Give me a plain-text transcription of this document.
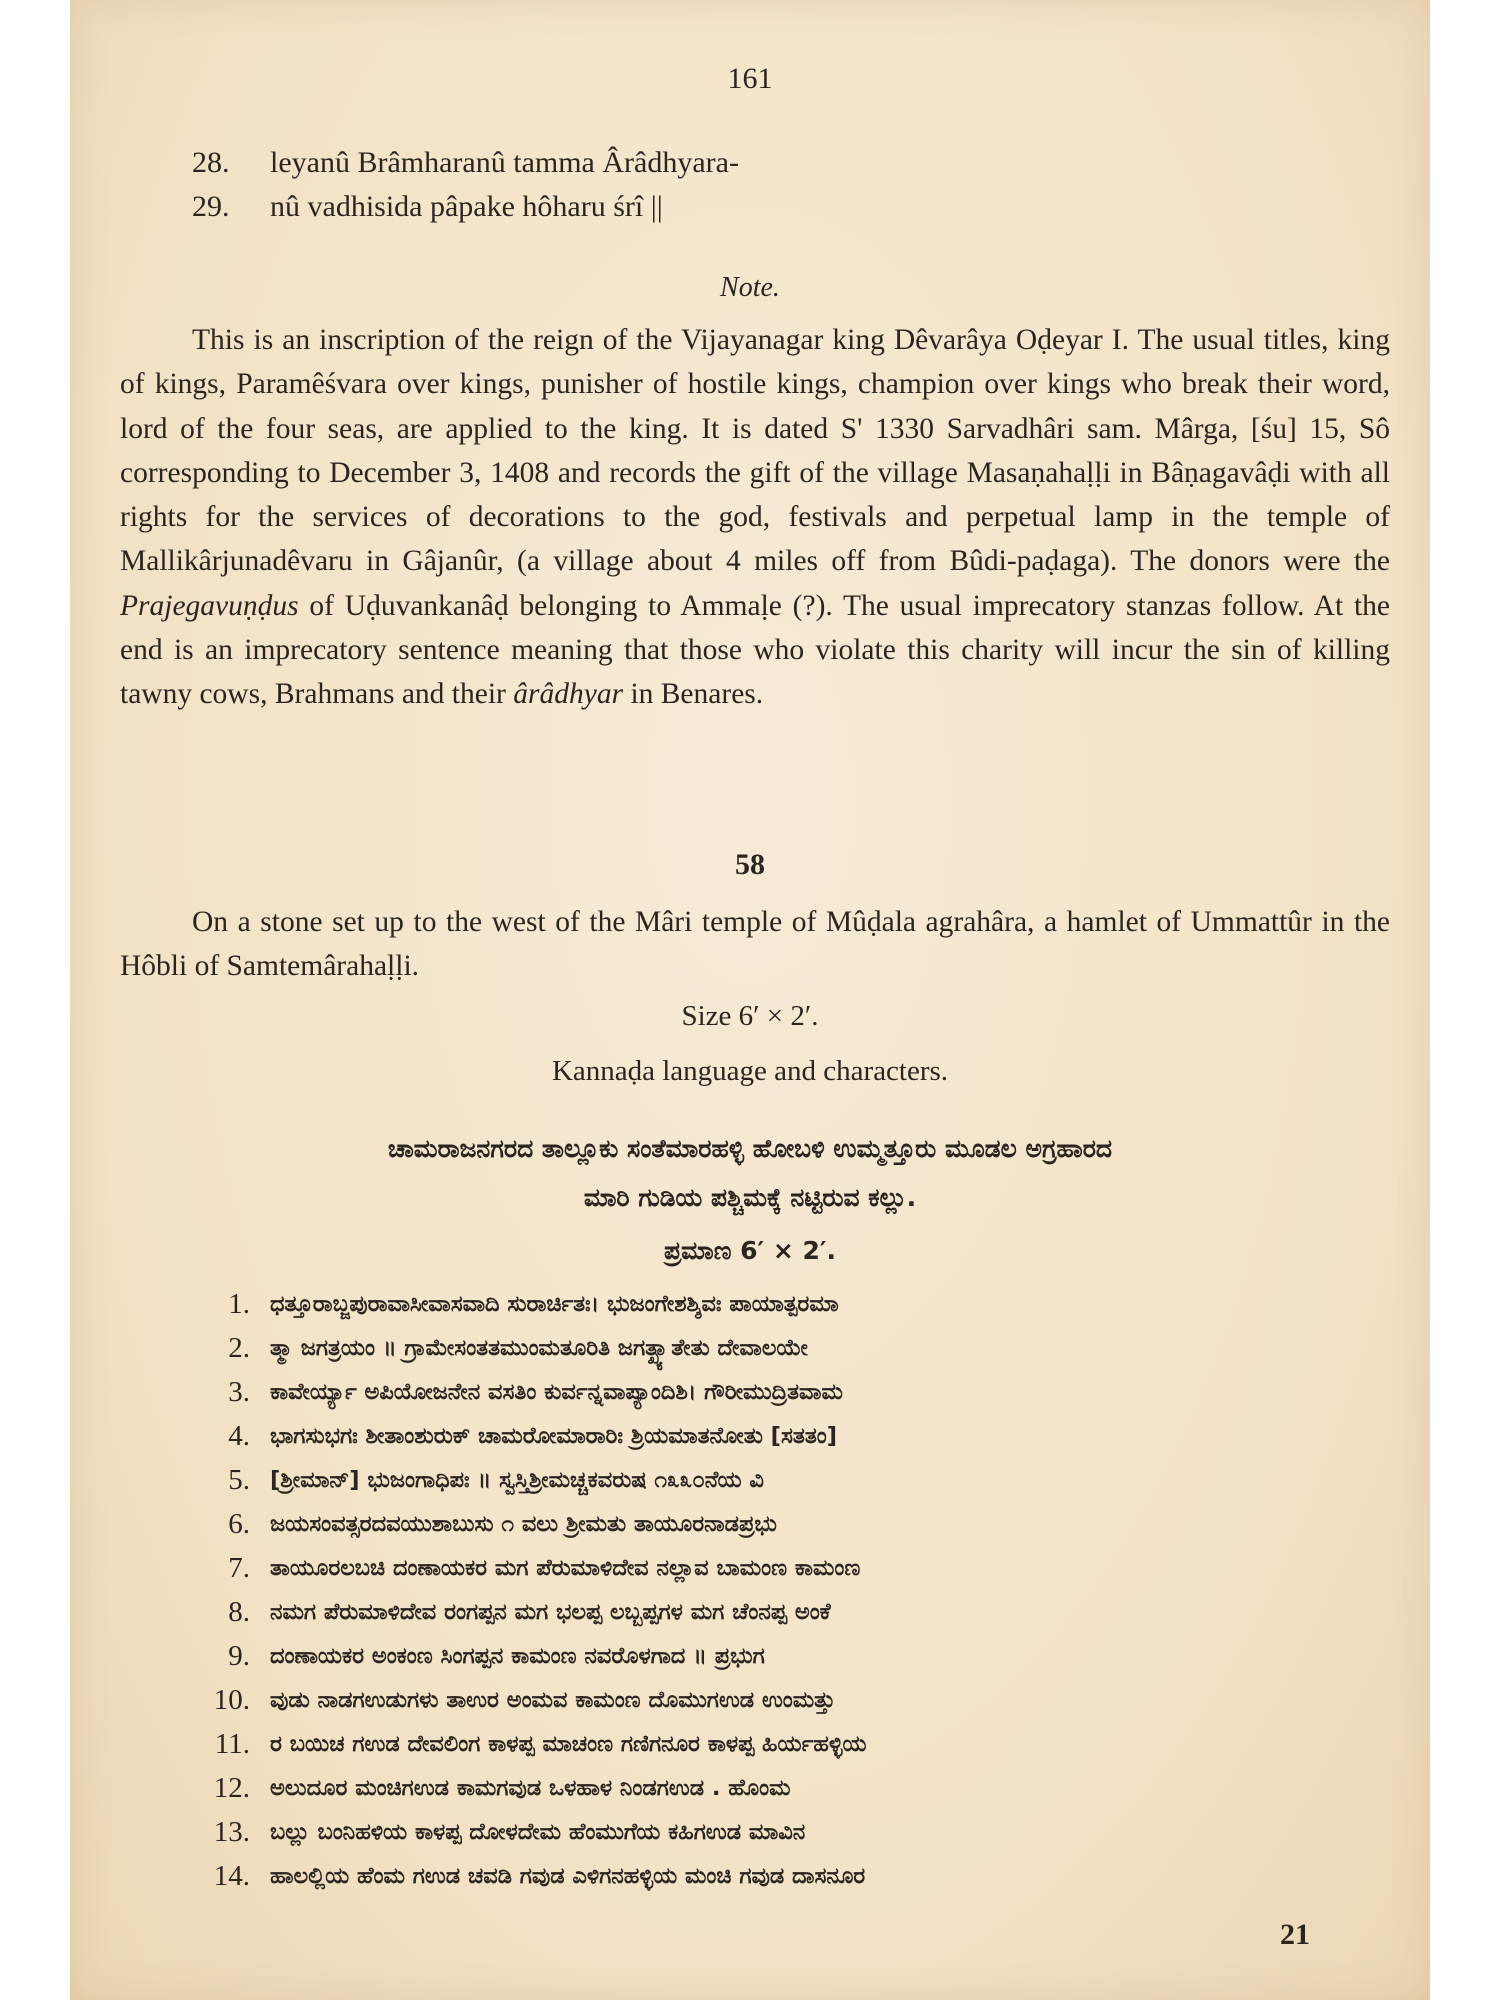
161
28. leyanû Brâmharanû tamma Ârâdhyara-
29. nû vadhisida pâpake hôharu śrî ||
Note.

This is an inscription of the reign of the Vijayanagar king Dêvarâya Oḍeyar I. The usual titles, king of kings, Paramêśvara over kings, punisher of hostile kings, champion over kings who break their word, lord of the four seas, are applied to the king. It is dated S' 1330 Sarvadhâri sam. Mârga, [śu] 15, Sô corresponding to December 3, 1408 and records the gift of the village Masaṇahaḷḷi in Bâṇagavâḍi with all rights for the services of decorations to the god, festivals and perpetual lamp in the temple of Mallikârjunadêvaru in Gâjanûr, (a village about 4 miles off from Bûdi-paḍaga). The donors were the Prajegavuṇḍus of Uḍuvankanâḍ belonging to Ammaḷe (?). The usual imprecatory stanzas follow. At the end is an imprecatory sentence meaning that those who violate this charity will incur the sin of killing tawny cows, Brahmans and their ârâdhyar in Benares.

58

On a stone set up to the west of the Mâri temple of Mûḍala agrahâra, a hamlet of Ummattûr in the Hôbli of Samtemârahaḷḷi.

Size 6′ × 2′.
Kannaḍa language and characters.
ಚಾಮರಾಜನಗರದ ತಾಲ್ಲೂಕು ಸಂತೆಮಾರಹಳ್ಳಿ ಹೋಬಳಿ ಉಮ್ಮತ್ತೂರು ಮೂಡಲ ಅಗ್ರಹಾರದ
ಮಾರಿ ಗುಡಿಯ ಪಶ್ಚಿಮಕ್ಕೆ ನಟ್ಟಿರುವ ಕಲ್ಲು.
ಪ್ರಮಾಣ 6′ × 2′.
1. ಧತ್ತೂರಾಬ್ಜಪುರಾವಾಸೀವಾಸವಾದಿ ಸುರಾರ್ಚಿತಃ। ಭುಜಂಗೇಶಶ್ಶಿವಃ ಪಾಯಾತ್ಪರಮಾ
2. ತ್ಮಾ ಜಗತ್ರಯಂ ॥ ಗ್ರಾಮೇಸಂತತಮುಂಮತೂರಿತಿ ಜಗತ್ಖ್ಯಾತೇತು ದೇವಾಲಯೇ
3. ಕಾವೇರ್ಯ್ಯಾ ಅಪಿಯೋಜನೇನ ವಸತಿಂ ಕುರ್ವನ್ನವಾಪ್ಯಾಂದಿಶಿ। ಗೌರೀಮುದ್ರಿತವಾಮ
4. ಭಾಗಸುಭಗಃ ಶೀತಾಂಶುರುಕ್ ಚಾಮರೋಮಾರಾರಿಃ ಶ್ರಿಯಮಾತನೋತು [ಸತತಂ]
5. [ಶ್ರೀಮಾನ್] ಭುಜಂಗಾಧಿಪಃ ॥ ಸ್ವಸ್ತಿಶ್ರೀಮಚ್ಚಕವರುಷ ೧೩೩೦ನೆಯ ವಿ
6. ಜಯಸಂವತ್ಸರದವಯುಶಾಬುಸು ೧ ವಲು ಶ್ರೀಮತು ತಾಯೂರನಾಡಪ್ರಭು
7. ತಾಯೂರಲಬಚಿ ದಂಣಾಯಕರ ಮಗ ಪೆರುಮಾಳಿದೇವ ನಲ್ಲಾವ ಬಾಮಂಣ ಕಾಮಂಣ
8. ನಮಗ ಪೆರುಮಾಳಿದೇವ ರಂಗಪ್ಪನ ಮಗ ಭಲಪ್ಪ ಲಬ್ಬಪ್ಪಗಳ ಮಗ ಚೆಂನಪ್ಪ ಅಂಕೆ
9. ದಂಣಾಯಕರ ಅಂಕಂಣ ಸಿಂಗಪ್ಪನ ಕಾಮಂಣ ನವರೊಳಗಾದ ॥ ಪ್ರಭುಗ
10. ವುಡು ನಾಡಗಉಡುಗಳು ತಾಉರ ಅಂಮವ ಕಾಮಂಣ ದೊಮುಗಉಡ ಉಂಮತ್ತು
11. ರ ಬಯಿಚ ಗಉಡ ದೇವಲಿಂಗ ಕಾಳಪ್ಪ ಮಾಚಂಣ ಗಣಿಗನೂರ ಕಾಳಪ್ಪ ಹಿರ್ಯಹಳ್ಳಿಯ
12. ಅಲುದೂರ ಮಂಚಿಗಉಡ ಕಾಮಗವುಡ ಒಳಹಾಳ ನಿಂಡಗಉಡ . ಹೊಂಮ
13. ಬಲ್ಲು ಬಂನಿಹಳಿಯ ಕಾಳಪ್ಪ ದೋಳದೇಮ ಹೆಂಮುಗೆಯ ಕಹಿಗಉಡ ಮಾವಿನ
14. ಹಾಲಲ್ಲಿಯ ಹೆಂಮ ಗಉಡ ಚವಡಿ ಗವುಡ ಎಳಿಗನಹಳ್ಳಿಯ ಮಂಚಿ ಗವುಡ ದಾಸನೂರ
21
